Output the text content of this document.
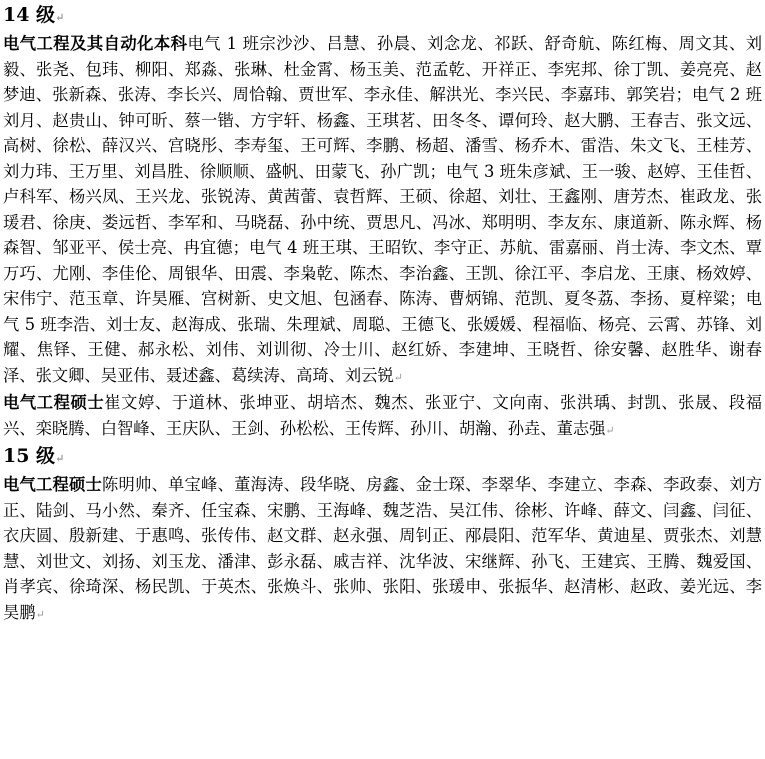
14 级↵

电气工程及其自动化本科电气 1 班宗沙沙、吕慧、孙晨、刘念龙、祁跃、舒奇航、陈红梅、周文其、刘毅、张尧、包玮、柳阳、郑淼、张琳、杜金霄、杨玉美、范孟乾、开祥正、李宪邦、徐丁凯、姜亮亮、赵梦迪、张新森、张涛、李长兴、周恰翰、贾世军、李永佳、解洪光、李兴民、李嘉玮、郭笑岩；电气 2 班刘月、赵贵山、钟可昕、蔡一锴、方宇轩、杨鑫、王琪茗、田冬冬、谭何玲、赵大鹏、王春吉、张文远、高树、徐松、薛汉兴、宫晓彤、李寿玺、王可辉、李鹏、杨超、潘雪、杨乔木、雷浩、朱文飞、王桂芳、刘力玮、王万里、刘昌胜、徐顺顺、盛帆、田蒙飞、孙广凯；电气 3 班朱彦斌、王一骏、赵婷、王佳哲、卢科军、杨兴凤、王兴龙、张锐涛、黄茜蕾、袁哲辉、王硕、徐超、刘壮、王鑫刚、唐芳杰、崔政龙、张瑗君、徐庚、娄远哲、李军和、马晓磊、孙中统、贾思凡、冯冰、郑明明、李友东、康道新、陈永辉、杨森智、邹亚平、侯士亮、冉宜德；电气 4 班王琪、王昭钦、李守正、苏航、雷嘉丽、肖士涛、李文杰、覃万巧、尤刚、李佳伦、周银华、田震、李枭乾、陈杰、李治鑫、王凯、徐江平、李启龙、王康、杨效婷、宋伟宁、范玉章、许昊雁、宫树新、史文旭、包涵春、陈涛、曹炳锦、范凯、夏冬荔、李扬、夏梓粱；电气 5 班李浩、刘士友、赵海成、张瑞、朱理斌、周聪、王德飞、张媛媛、程福临、杨亮、云霄、苏锋、刘耀、焦铎、王健、郝永松、刘伟、刘训彻、冷士川、赵红娇、李建坤、王晓哲、徐安馨、赵胜华、谢春泽、张文卿、吴亚伟、聂述鑫、葛续涛、高琦、刘云锐↵

电气工程硕士崔文婷、于道林、张坤亚、胡培杰、魏杰、张亚宁、文向南、张洪瑀、封凯、张晟、段福兴、栾晓腾、白智峰、王庆队、王剑、孙松松、王传辉、孙川、胡瀚、孙垚、董志强↵

15 级↵

电气工程硕士陈明帅、单宝峰、董海涛、段华晓、房鑫、金士琛、李翠华、李建立、李森、李政泰、刘方正、陆剑、马小然、秦齐、任宝森、宋鹏、王海峰、魏芝浩、吴江伟、徐彬、许峰、薛文、闫鑫、闫征、衣庆圆、殷新建、于惠鸣、张传伟、赵文群、赵永强、周钊正、邴晨阳、范军华、黄迪星、贾张杰、刘慧慧、刘世文、刘扬、刘玉龙、潘津、彭永磊、戚吉祥、沈华波、宋继辉、孙飞、王建宾、王腾、魏爱国、肖孝宾、徐琦深、杨民凯、于英杰、张焕斗、张帅、张阳、张瑗申、张振华、赵清彬、赵政、姜光远、李昊鹏↵
